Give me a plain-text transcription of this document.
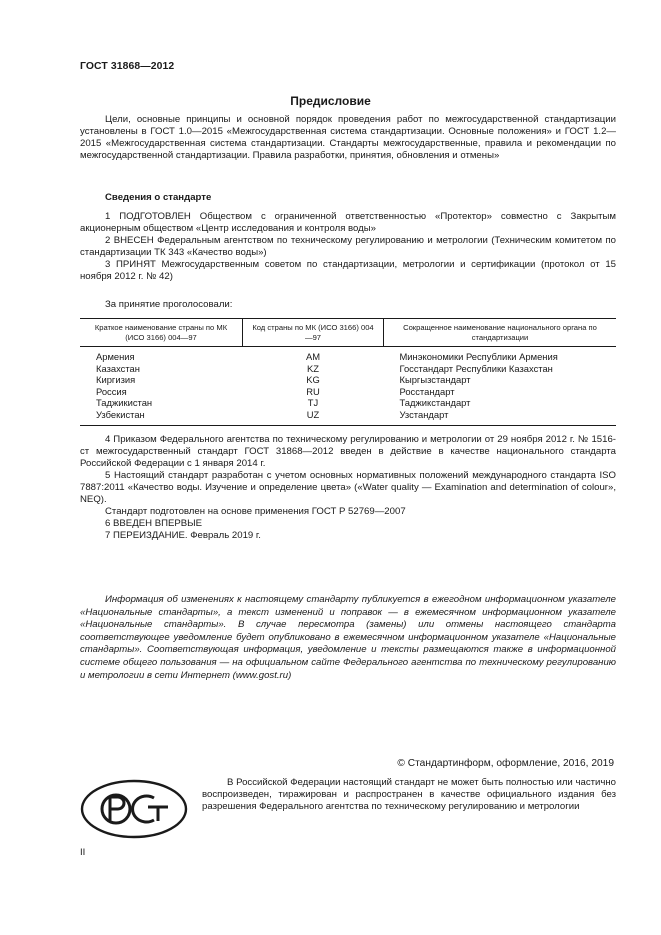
ГОСТ 31868—2012
Предисловие

Цели, основные принципы и основной порядок проведения работ по межгосударственной стандартизации установлены в ГОСТ 1.0—2015 «Межгосударственная система стандартизации. Основные положения» и ГОСТ 1.2—2015 «Межгосударственная система стандартизации. Стандарты межгосударственные, правила и рекомендации по межгосударственной стандартизации. Правила разработки, принятия, обновления и отмены»

Сведения о стандарте

1 ПОДГОТОВЛЕН Обществом с ограниченной ответственностью «Протектор» совместно с Закрытым акционерным обществом «Центр исследования и контроля воды»

2 ВНЕСЕН Федеральным агентством по техническому регулированию и метрологии (Техническим комитетом по стандартизации ТК 343 «Качество воды»)

3 ПРИНЯТ Межгосударственным советом по стандартизации, метрологии и сертификации (протокол от 15 ноября 2012 г. № 42)

За принятие проголосовали:
Краткое наименование страны по МК (ИСО 3166) 004—97	Код страны по МК (ИСО 3166) 004—97	Сокращенное наименование национального органа по стандартизации
Армения	AM	Минэкономики Республики Армения
Казахстан	KZ	Госстандарт Республики Казахстан
Киргизия	KG	Кыргызстандарт
Россия	RU	Росстандарт
Таджикистан	TJ	Таджикстандарт
Узбекистан	UZ	Узстандарт

4 Приказом Федерального агентства по техническому регулированию и метрологии от 29 ноября 2012 г. № 1516-ст межгосударственный стандарт ГОСТ 31868—2012 введен в действие в качестве национального стандарта Российской Федерации с 1 января 2014 г.

5 Настоящий стандарт разработан с учетом основных нормативных положений международного стандарта ISO 7887:2011 «Качество воды. Изучение и определение цвета» («Water quality — Examination and determination of colour», NEQ).

Стандарт подготовлен на основе применения ГОСТ Р 52769—2007

6 ВВЕДЕН ВПЕРВЫЕ

7 ПЕРЕИЗДАНИЕ. Февраль 2019 г.

Информация об изменениях к настоящему стандарту публикуется в ежегодном информационном указателе «Национальные стандарты», а текст изменений и поправок — в ежемесячном информационном указателе «Национальные стандарты». В случае пересмотра (замены) или отмены настоящего стандарта соответствующее уведомление будет опубликовано в ежемесячном информационном указателе «Национальные стандарты». Соответствующая информация, уведомление и тексты размещаются также в информационной системе общего пользования — на официальном сайте Федерального агентства по техническому регулированию и метрологии в сети Интернет (www.gost.ru)

© Стандартинформ, оформление, 2016, 2019

В Российской Федерации настоящий стандарт не может быть полностью или частично воспроизведен, тиражирован и распространен в качестве официального издания без разрешения Федерального агентства по техническому регулированию и метрологии

II
